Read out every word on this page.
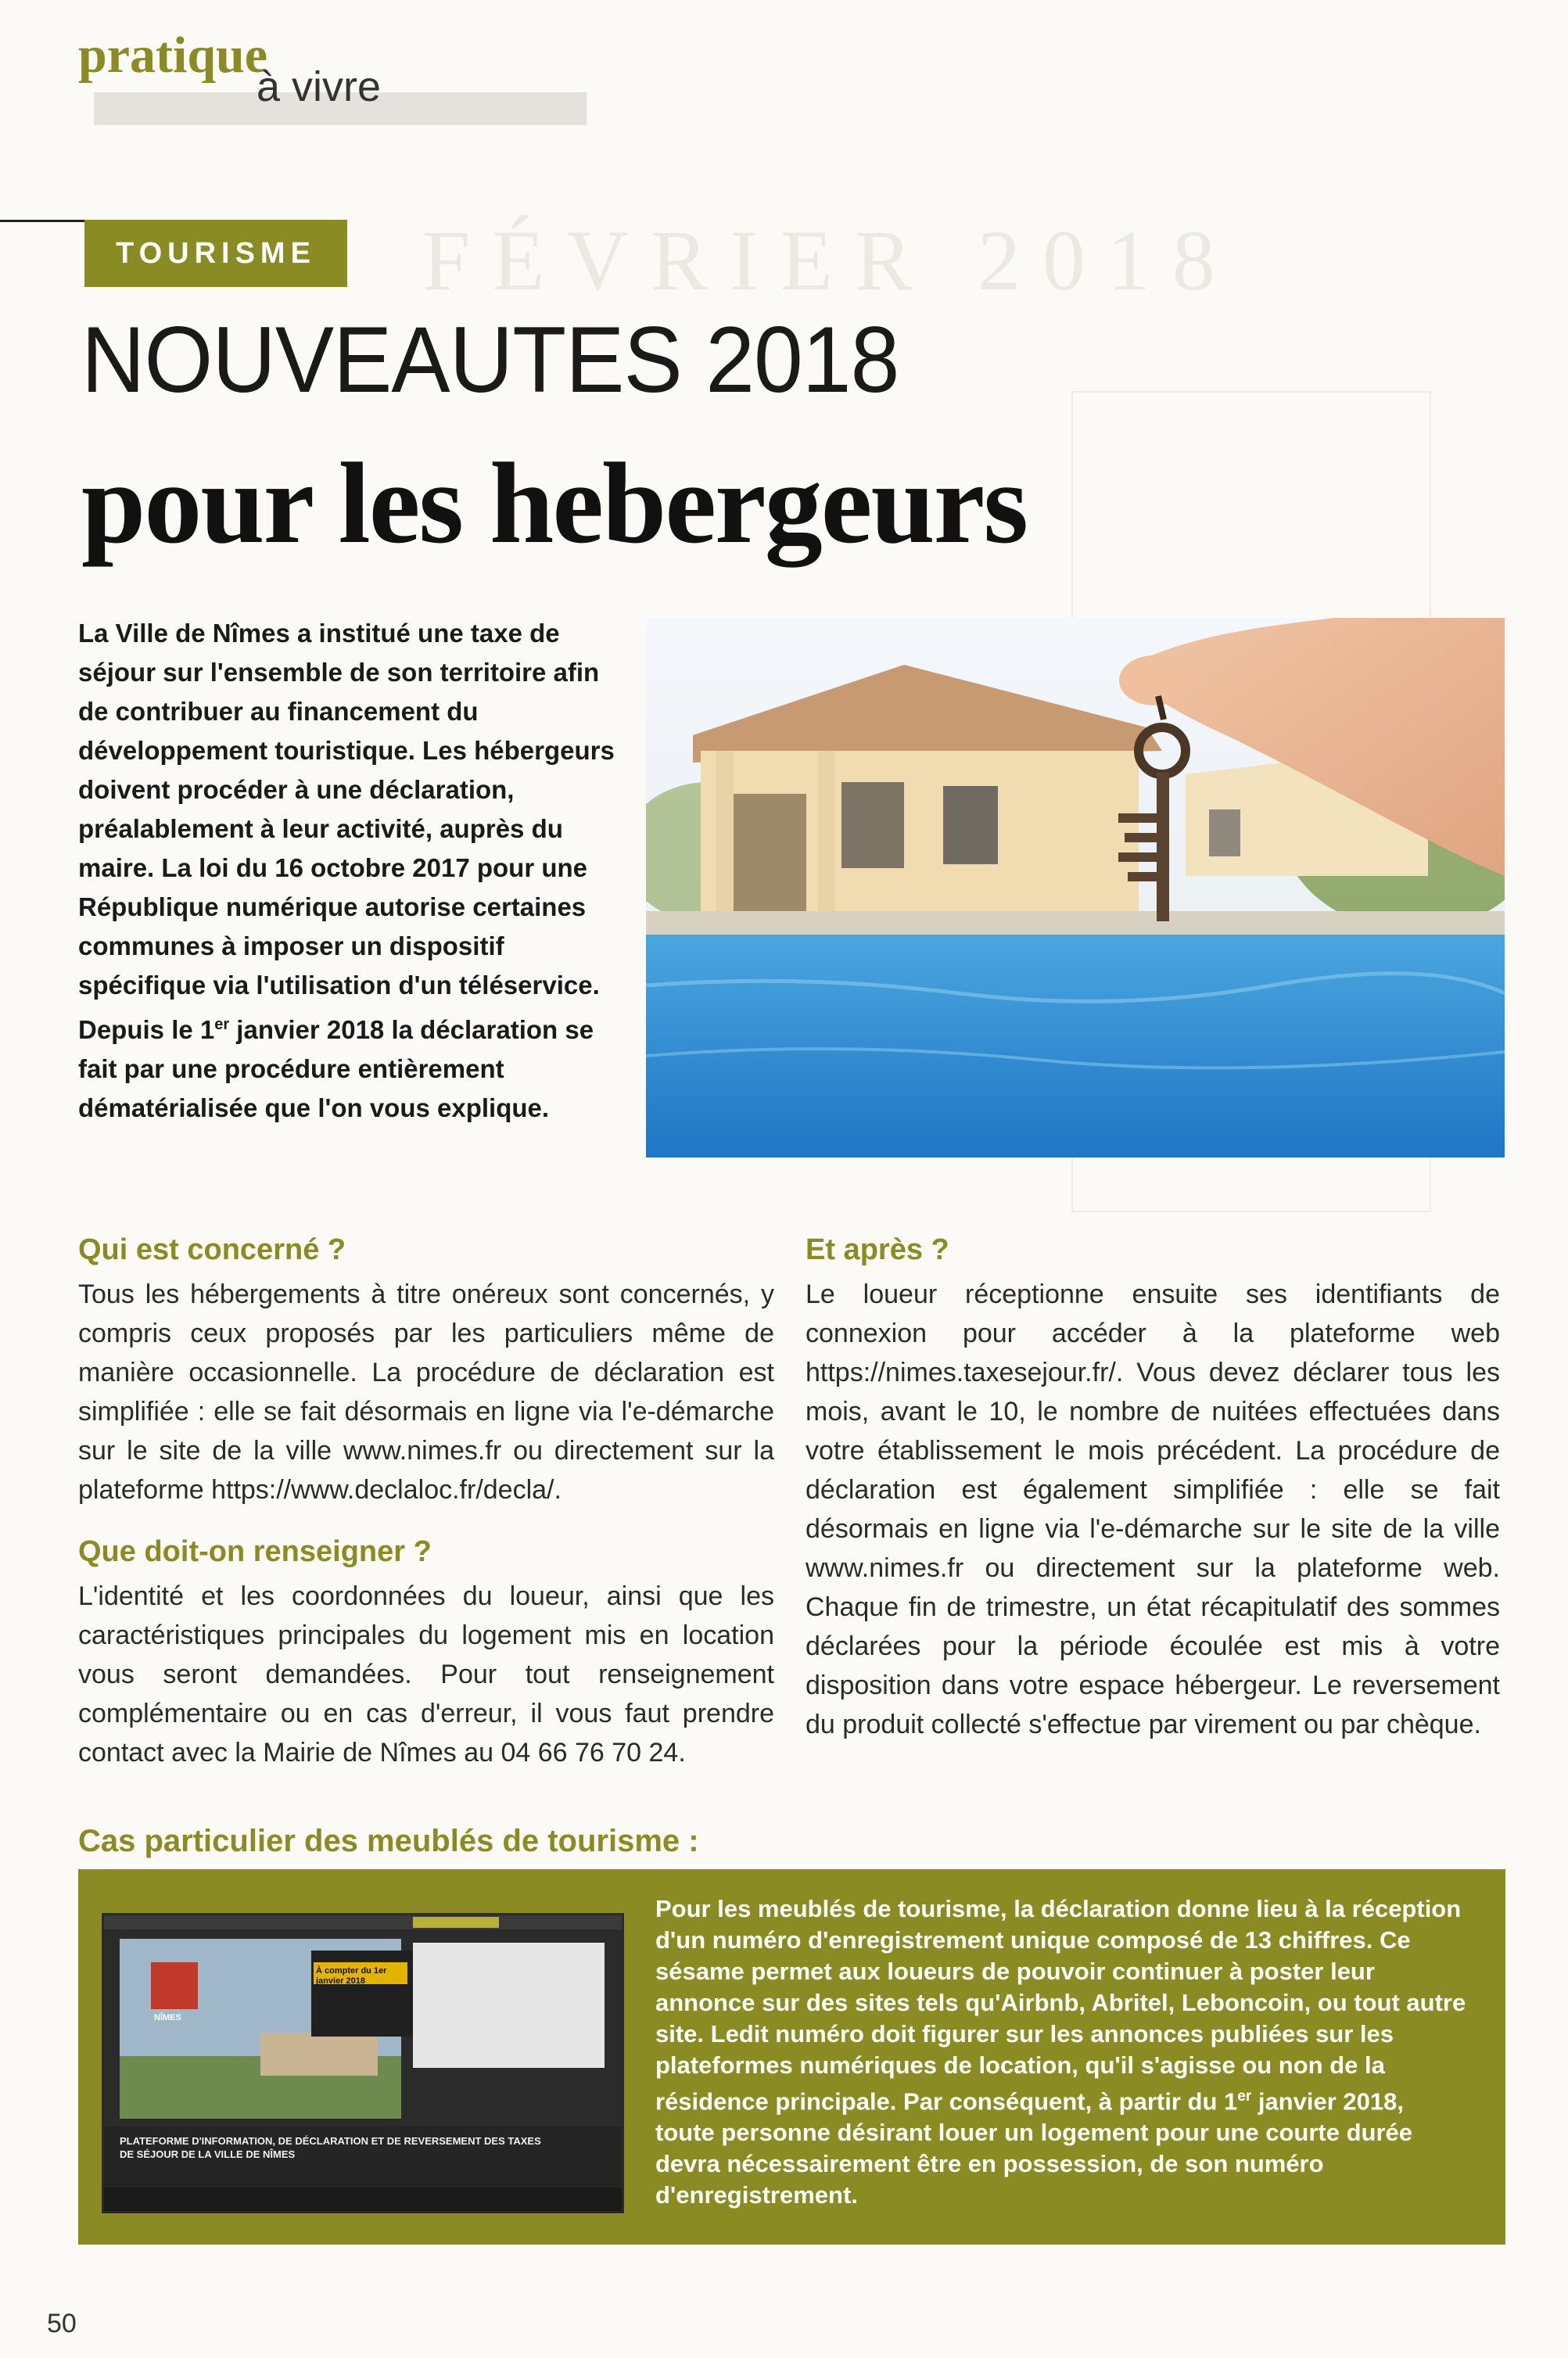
FÉVRIER 2018
pratique
à vivre
TOURISME
NOUVEAUTES 2018
pour les hebergeurs
La Ville de Nîmes a institué une taxe de séjour sur l'ensemble de son territoire afin de contribuer au financement du développement touristique. Les hébergeurs doivent procéder à une déclaration, préalablement à leur activité, auprès du maire. La loi du 16 octobre 2017 pour une République numérique autorise certaines communes à imposer un dispositif spécifique via l'utilisation d'un téléservice. Depuis le 1er janvier 2018 la déclaration se fait par une procédure entièrement dématérialisée que l'on vous explique.
Qui est concerné ?

Tous les hébergements à titre onéreux sont concernés, y compris ceux proposés par les particuliers même de manière occasionnelle. La procédure de déclaration est simplifiée : elle se fait désormais en ligne via l'e-démarche sur le site de la ville www.nimes.fr ou directement sur la plateforme https://www.declaloc.fr/decla/.

Que doit-on renseigner ?

L'identité et les coordonnées du loueur, ainsi que les caractéristiques principales du logement mis en location vous seront demandées. Pour tout renseignement complémentaire ou en cas d'erreur, il vous faut prendre contact avec la Mairie de Nîmes au 04 66 76 70 24.

Et après ?

Le loueur réceptionne ensuite ses identifiants de connexion pour accéder à la plateforme web https://nimes.taxesejour.fr/. Vous devez déclarer tous les mois, avant le 10, le nombre de nuitées effectuées dans votre établissement le mois précédent. La procédure de déclaration est également simplifiée : elle se fait désormais en ligne via l'e-démarche sur le site de la ville www.nimes.fr ou directement sur la plateforme web. Chaque fin de trimestre, un état récapitulatif des sommes déclarées pour la période écoulée est mis à votre disposition dans votre espace hébergeur. Le reversement du produit collecté s'effectue par virement ou par chèque.

Cas particulier des meublés de tourisme :
À compter du 1er janvier 2018
NÎMES
PLATEFORME D'INFORMATION, DE DÉCLARATION ET DE REVERSEMENT DES TAXES DE SÉJOUR DE LA VILLE DE NÎMES
Pour les meublés de tourisme, la déclaration donne lieu à la réception d'un numéro d'enregistrement unique composé de 13 chiffres. Ce sésame permet aux loueurs de pouvoir continuer à poster leur annonce sur des sites tels qu'Airbnb, Abritel, Leboncoin, ou tout autre site. Ledit numéro doit figurer sur les annonces publiées sur les plateformes numériques de location, qu'il s'agisse ou non de la résidence principale. Par conséquent, à partir du 1er janvier 2018, toute personne désirant louer un logement pour une courte durée devra nécessairement être en possession, de son numéro d'enregistrement.
50
